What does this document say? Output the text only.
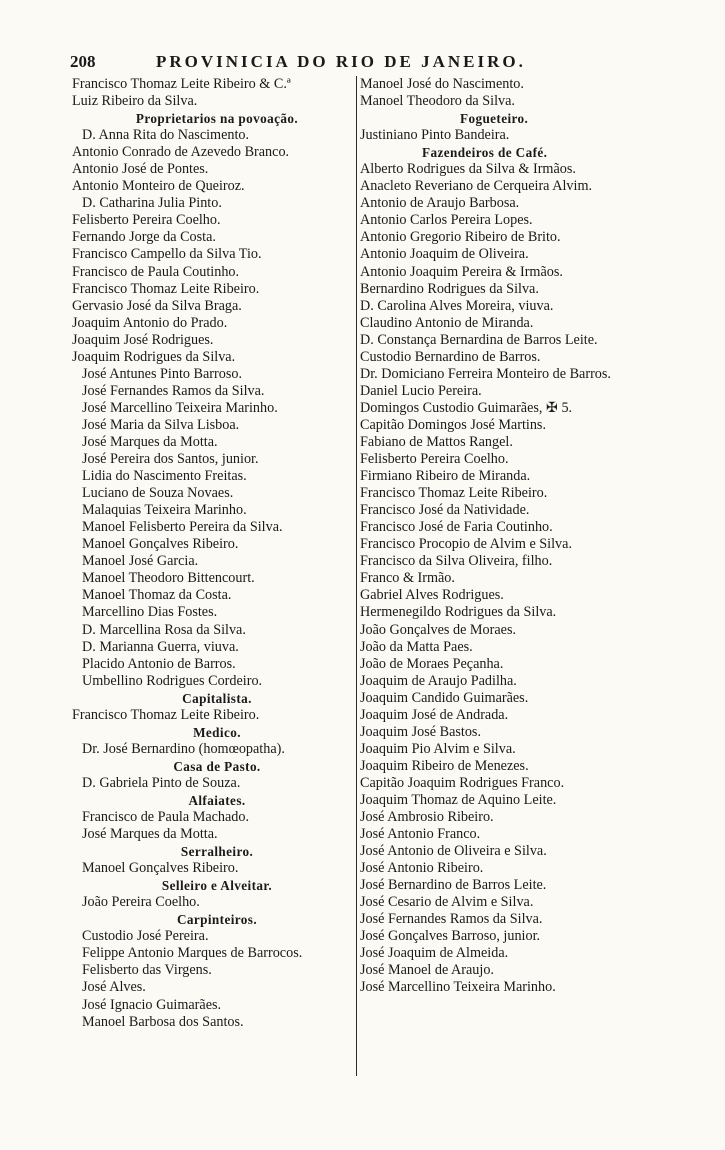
208	PROVINICIA DO RIO DE JANEIRO.
Francisco Thomaz Leite Ribeiro & C.ª
Luiz Ribeiro da Silva.
Proprietarios na povoação.
D. Anna Rita do Nascimento.
Antonio Conrado de Azevedo Branco.
Antonio José de Pontes.
Antonio Monteiro de Queiroz.
D. Catharina Julia Pinto.
Felisberto Pereira Coelho.
Fernando Jorge da Costa.
Francisco Campello da Silva Tio.
Francisco de Paula Coutinho.
Francisco Thomaz Leite Ribeiro.
Gervasio José da Silva Braga.
Joaquim Antonio do Prado.
Joaquim José Rodrigues.
Joaquim Rodrigues da Silva.
José Antunes Pinto Barroso.
José Fernandes Ramos da Silva.
José Marcellino Teixeira Marinho.
José Maria da Silva Lisboa.
José Marques da Motta.
José Pereira dos Santos, junior.
Lidia do Nascimento Freitas.
Luciano de Souza Novaes.
Malaquias Teixeira Marinho.
Manoel Felisberto Pereira da Silva.
Manoel Gonçalves Ribeiro.
Manoel José Garcia.
Manoel Theodoro Bittencourt.
Manoel Thomaz da Costa.
Marcellino Dias Fostes.
D. Marcellina Rosa da Silva.
D. Marianna Guerra, viuva.
Placido Antonio de Barros.
Umbellino Rodrigues Cordeiro.
Capitalista.
Francisco Thomaz Leite Ribeiro.
Medico.
Dr. José Bernardino (homœopatha).
Casa de Pasto.
D. Gabriela Pinto de Souza.
Alfaiates.
Francisco de Paula Machado.
José Marques da Motta.
Serralheiro.
Manoel Gonçalves Ribeiro.
Selleiro e Alveitar.
João Pereira Coelho.
Carpinteiros.
Custodio José Pereira.
Felippe Antonio Marques de Barrocos.
Felisberto das Virgens.
José Alves.
José Ignacio Guimarães.
Manoel Barbosa dos Santos.
Manoel José do Nascimento.
Manoel Theodoro da Silva.
Fogueteiro.
Justiniano Pinto Bandeira.
Fazendeiros de Café.
Alberto Rodrigues da Silva & Irmãos.
Anacleto Reveriano de Cerqueira Alvim.
Antonio de Araujo Barbosa.
Antonio Carlos Pereira Lopes.
Antonio Gregorio Ribeiro de Brito.
Antonio Joaquim de Oliveira.
Antonio Joaquim Pereira & Irmãos.
Bernardino Rodrigues da Silva.
D. Carolina Alves Moreira, viuva.
Claudino Antonio de Miranda.
D. Constança Bernardina de Barros Leite.
Custodio Bernardino de Barros.
Dr. Domiciano Ferreira Monteiro de Barros.
Daniel Lucio Pereira.
Domingos Custodio Guimarães, ✠ 5.
Capitão Domingos José Martins.
Fabiano de Mattos Rangel.
Felisberto Pereira Coelho.
Firmiano Ribeiro de Miranda.
Francisco Thomaz Leite Ribeiro.
Francisco José da Natividade.
Francisco José de Faria Coutinho.
Francisco Procopio de Alvim e Silva.
Francisco da Silva Oliveira, filho.
Franco & Irmão.
Gabriel Alves Rodrigues.
Hermenegildo Rodrigues da Silva.
João Gonçalves de Moraes.
João da Matta Paes.
João de Moraes Peçanha.
Joaquim de Araujo Padilha.
Joaquim Candido Guimarães.
Joaquim José de Andrada.
Joaquim José Bastos.
Joaquim Pio Alvim e Silva.
Joaquim Ribeiro de Menezes.
Capitão Joaquim Rodrigues Franco.
Joaquim Thomaz de Aquino Leite.
José Ambrosio Ribeiro.
José Antonio Franco.
José Antonio de Oliveira e Silva.
José Antonio Ribeiro.
José Bernardino de Barros Leite.
José Cesario de Alvim e Silva.
José Fernandes Ramos da Silva.
José Gonçalves Barroso, junior.
José Joaquim de Almeida.
José Manoel de Araujo.
José Marcellino Teixeira Marinho.
